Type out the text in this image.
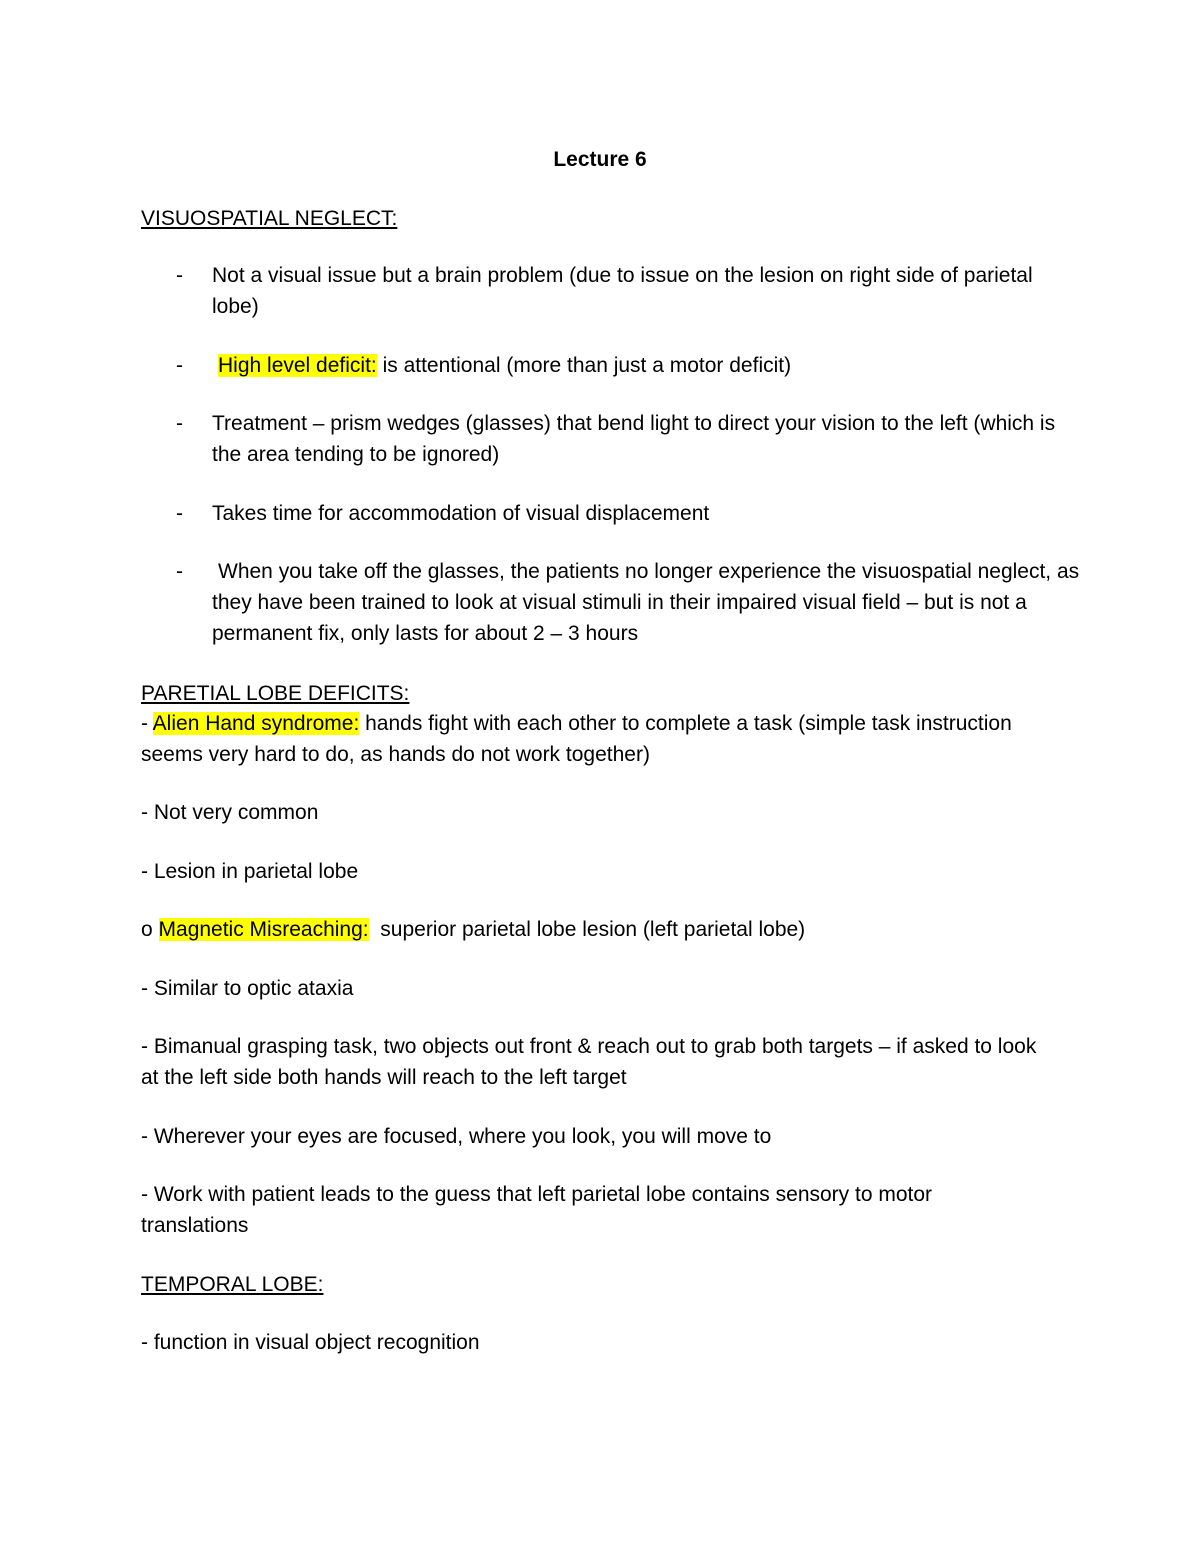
Lecture 6
VISUOSPATIAL NEGLECT:
- Not a visual issue but a brain problem (due to issue on the lesion on right side of parietal lobe)
- High level deficit: is attentional (more than just a motor deficit)
- Treatment – prism wedges (glasses) that bend light to direct your vision to the left (which is the area tending to be ignored)
- Takes time for accommodation of visual displacement
- When you take off the glasses, the patients no longer experience the visuospatial neglect, as they have been trained to look at visual stimuli in their impaired visual field – but is not a permanent fix, only lasts for about 2 – 3 hours
PARETIAL LOBE DEFICITS:
- Alien Hand syndrome: hands fight with each other to complete a task (simple task instruction seems very hard to do, as hands do not work together)
- Not very common
- Lesion in parietal lobe
o Magnetic Misreaching:  superior parietal lobe lesion (left parietal lobe)
- Similar to optic ataxia
- Bimanual grasping task, two objects out front & reach out to grab both targets – if asked to look at the left side both hands will reach to the left target
- Wherever your eyes are focused, where you look, you will move to
- Work with patient leads to the guess that left parietal lobe contains sensory to motor translations
TEMPORAL LOBE:
- function in visual object recognition
